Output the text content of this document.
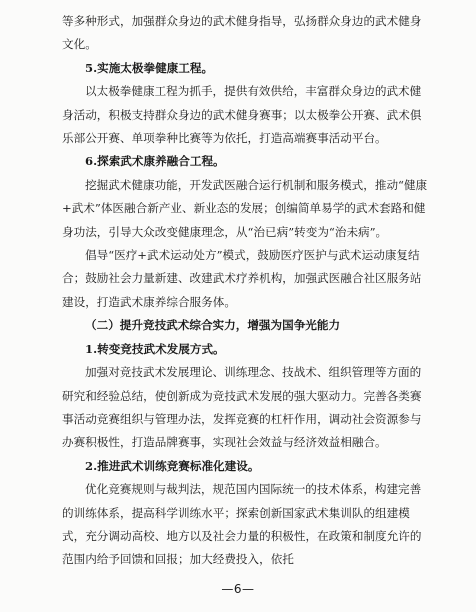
等多种形式，加强群众身边的武术健身指导，弘扬群众身边的武术健身文化。

5.实施太极拳健康工程。

以太极拳健康工程为抓手，提供有效供给，丰富群众身边的武术健身活动，积极支持群众身边的武术健身赛事；以太极拳公开赛、武术俱乐部公开赛、单项拳种比赛等为依托，打造高端赛事活动平台。

6.探索武术康养融合工程。

挖掘武术健康功能，开发武医融合运行机制和服务模式，推动“健康+武术”体医融合新产业、新业态的发展；创编简单易学的武术套路和健身功法，引导大众改变健康理念，从“治已病”转变为“治未病”。

倡导“医疗+武术运动处方”模式，鼓励医疗医护与武术运动康复结合；鼓励社会力量新建、改建武术疗养机构，加强武医融合社区服务站建设，打造武术康养综合服务体。

（二）提升竞技武术综合实力，增强为国争光能力

1.转变竞技武术发展方式。

加强对竞技武术发展理论、训练理念、技战术、组织管理等方面的研究和经验总结，使创新成为竞技武术发展的强大驱动力。完善各类赛事活动竞赛组织与管理办法，发挥竞赛的杠杆作用，调动社会资源参与办赛积极性，打造品牌赛事，实现社会效益与经济效益相融合。

2.推进武术训练竞赛标准化建设。

优化竞赛规则与裁判法，规范国内国际统一的技术体系，构建完善的训练体系，提高科学训练水平；探索创新国家武术集训队的组建模式，充分调动高校、地方以及社会力量的积极性，在政策和制度允许的范围内给予回馈和回报；加大经费投入，依托

—6—
